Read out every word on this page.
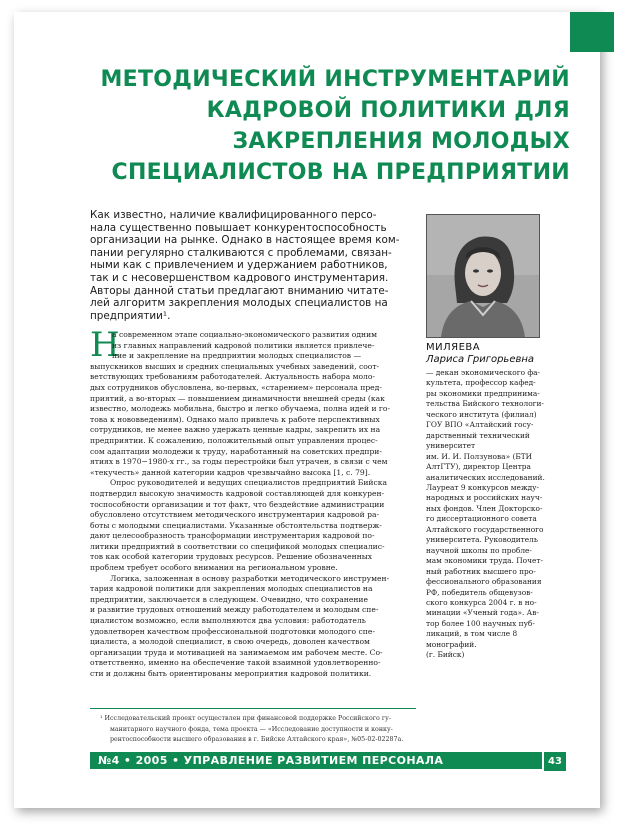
МЕТОДИЧЕСКИЙ ИНСТРУМЕНТАРИЙ
КАДРОВОЙ ПОЛИТИКИ ДЛЯ
ЗАКРЕПЛЕНИЯ МОЛОДЫХ
СПЕЦИАЛИСТОВ НА ПРЕДПРИЯТИИ
Как известно, наличие квалифицированного персо-
нала существенно повышает конкурентоспособность
организации на рынке. Однако в настоящее время ком-
пании регулярно сталкиваются с проблемами, связан-
ными как с привлечением и удержанием работников,
так и с несовершенством кадрового инструментария.
Авторы данной статьи предлагают вниманию читате-
лей алгоритм закрепления молодых специалистов на
предприятии¹.
МИЛЯЕВА
Лариса Григорьевна
— декан экономического фа-
культета, профессор кафед-
ры экономики предпринима-
тельства Бийского технологи-
ческого института (филиал)
ГОУ ВПО «Алтайский госу-
дарственный технический
университет
им. И. И. Ползунова» (БТИ
АлтГТУ), директор Центра
аналитических исследований.
Лауреат 9 конкурсов между-
народных и российских науч-
ных фондов. Член Докторско-
го диссертационного совета
Алтайского государственного
университета. Руководитель
научной школы по пробле-
мам экономики труда. Почет-
ный работник высшего про-
фессионального образования
РФ, победитель общевузов-
ского конкурса 2004 г. в но-
минации «Ученый года». Ав-
тор более 100 научных пуб-
ликаций, в том числе 8
монографий.
(г. Бийск)
Н
а современном этапе социально-экономического развития одним
из главных направлений кадровой политики является привлече-
ние и закрепление на предприятии молодых специалистов —
выпускников высших и средних специальных учебных заведений, соот-
ветствующих требованиям работодателей. Актуальность набора моло-
дых сотрудников обусловлена, во-первых, «старением» персонала пред-
приятий, а во-вторых — повышением динамичности внешней среды (как
известно, молодежь мобильна, быстро и легко обучаема, полна идей и го-
това к нововведениям). Однако мало привлечь к работе перспективных
сотрудников, не менее важно удержать ценные кадры, закрепить их на
предприятии. К сожалению, положительный опыт управления процес-
сом адаптации молодежи к труду, наработанный на советских предпри-
ятиях в 1970−1980-х гг., за годы перестройки был утрачен, в связи с чем
«текучесть» данной категории кадров чрезвычайно высока [1, с. 79].
Опрос руководителей и ведущих специалистов предприятий Бийска
подтвердил высокую значимость кадровой составляющей для конкурен-
тоспособности организации и тот факт, что бездействие администрации
обусловлено отсутствием методического инструментария кадровой ра-
боты с молодыми специалистами. Указанные обстоятельства подтверж-
дают целесообразность трансформации инструментария кадровой по-
литики предприятий в соответствии со спецификой молодых специалис-
тов как особой категории трудовых ресурсов. Решение обозначенных
проблем требует особого внимания на региональном уровне.
Логика, заложенная в основу разработки методического инструмен-
тария кадровой политики для закрепления молодых специалистов на
предприятии, заключается в следующем. Очевидно, что сохранение
и развитие трудовых отношений между работодателем и молодым спе-
циалистом возможно, если выполняются два условия: работодатель
удовлетворен качеством профессиональной подготовки молодого спе-
циалиста, а молодой специалист, в свою очередь, доволен качеством
организации труда и мотивацией на занимаемом им рабочем месте. Со-
ответственно, именно на обеспечение такой взаимной удовлетворенно-
сти и должны быть ориентированы мероприятия кадровой политики.
¹ Исследовательский проект осуществлен при финансовой поддержке Российского гу-
манитарного научного фонда, тема проекта — «Исследование доступности и конку-
рентоспособности высшего образования в г. Бийске Алтайского края», №05-02-02287а.
№4 • 2005 • УПРАВЛЕНИЕ РАЗВИТИЕМ ПЕРСОНАЛА	43
